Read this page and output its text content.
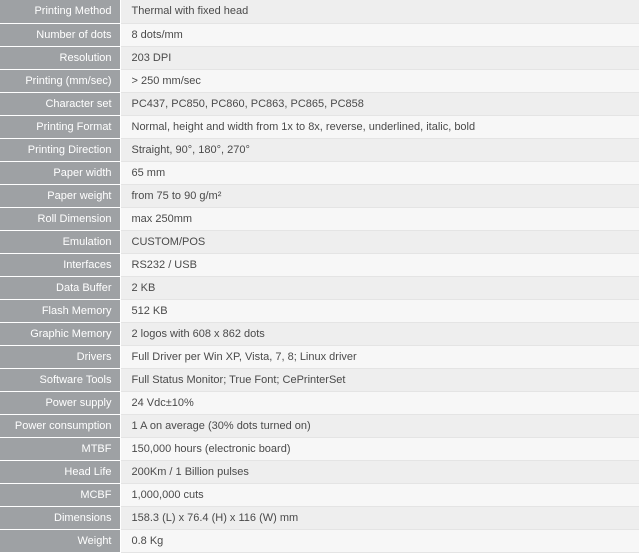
Printing Method	Thermal with fixed head
Number of dots	8 dots/mm
Resolution	203 DPI
Printing (mm/sec)	> 250 mm/sec
Character set	PC437, PC850, PC860, PC863, PC865, PC858
Printing Format	Normal, height and width from 1x to 8x, reverse, underlined, italic, bold
Printing Direction	Straight, 90°, 180°, 270°
Paper width	65 mm
Paper weight	from 75 to 90 g/m²
Roll Dimension	max 250mm
Emulation	CUSTOM/POS
Interfaces	RS232 / USB
Data Buffer	2 KB
Flash Memory	512 KB
Graphic Memory	2 logos with 608 x 862 dots
Drivers	Full Driver per Win XP, Vista, 7, 8; Linux driver
Software Tools	Full Status Monitor; True Font; CePrinterSet
Power supply	24 Vdc±10%
Power consumption	1 A on average (30% dots turned on)
MTBF	150,000 hours (electronic board)
Head Life	200Km / 1 Billion pulses
MCBF	1,000,000 cuts
Dimensions	158.3 (L) x 76.4 (H) x 116 (W) mm
Weight	0.8 Kg
